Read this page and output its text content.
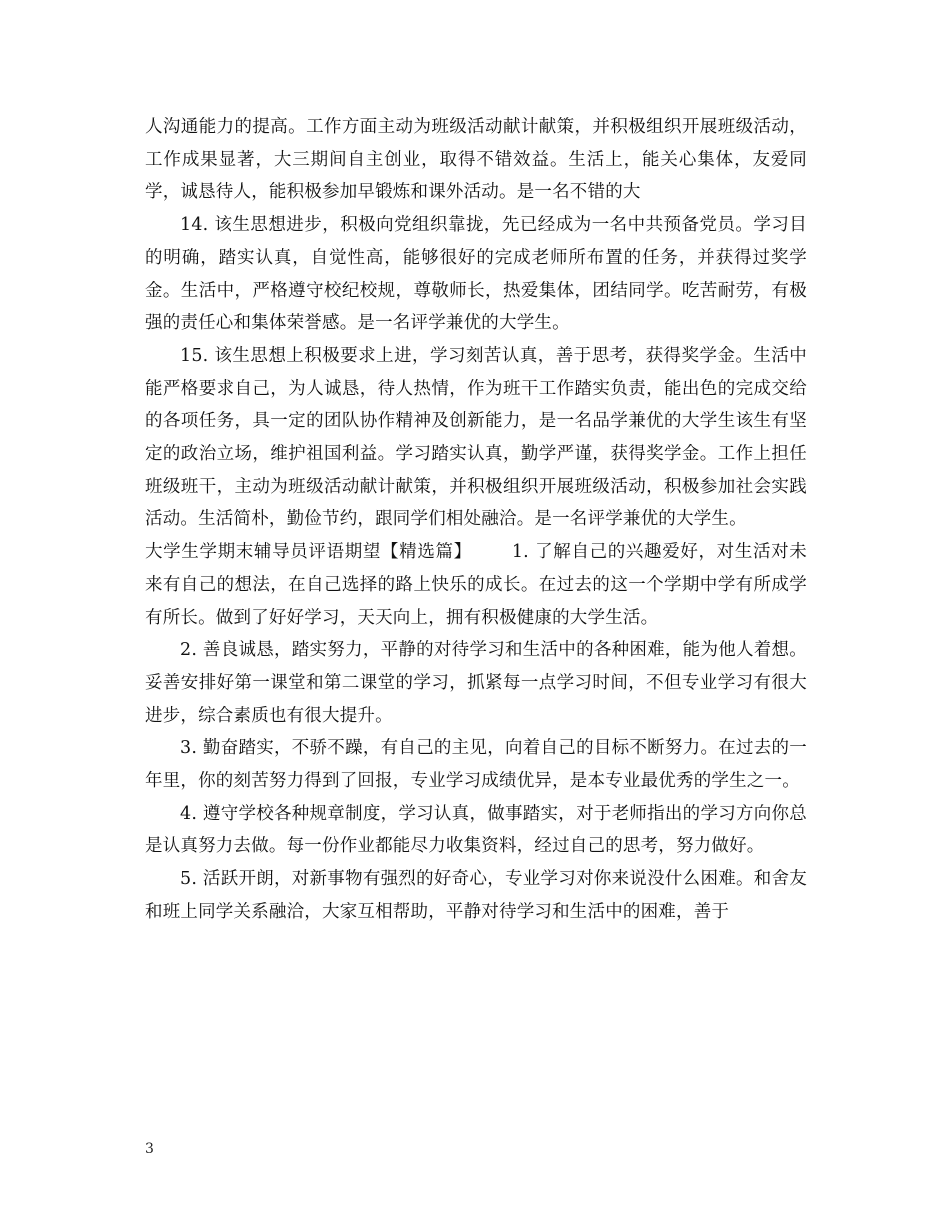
人沟通能力的提高。工作方面主动为班级活动献计献策，并积极组织开展班级活动，工作成果显著，大三期间自主创业，取得不错效益。生活上，能关心集体，友爱同学，诚恳待人，能积极参加早锻炼和课外活动。是一名不错的大

14. 该生思想进步，积极向党组织靠拢，先已经成为一名中共预备党员。学习目的明确，踏实认真，自觉性高，能够很好的完成老师所布置的任务，并获得过奖学金。生活中，严格遵守校纪校规，尊敬师长，热爱集体，团结同学。吃苦耐劳，有极强的责任心和集体荣誉感。是一名评学兼优的大学生。

15. 该生思想上积极要求上进，学习刻苦认真，善于思考，获得奖学金。生活中能严格要求自己，为人诚恳，待人热情，作为班干工作踏实负责，能出色的完成交给的各项任务，具一定的团队协作精神及创新能力，是一名品学兼优的大学生该生有坚定的政治立场，维护祖国利益。学习踏实认真，勤学严谨，获得奖学金。工作上担任班级班干，主动为班级活动献计献策，并积极组织开展班级活动，积极参加社会实践活动。生活简朴，勤俭节约，跟同学们相处融洽。是一名评学兼优的大学生。

大学生学期末辅导员评语期望【精选篇】 1. 了解自己的兴趣爱好，对生活对未来有自己的想法，在自己选择的路上快乐的成长。在过去的这一个学期中学有所成学有所长。做到了好好学习，天天向上，拥有积极健康的大学生活。

2. 善良诚恳，踏实努力，平静的对待学习和生活中的各种困难，能为他人着想。妥善安排好第一课堂和第二课堂的学习，抓紧每一点学习时间，不但专业学习有很大进步，综合素质也有很大提升。

3. 勤奋踏实，不骄不躁，有自己的主见，向着自己的目标不断努力。在过去的一年里，你的刻苦努力得到了回报，专业学习成绩优异，是本专业最优秀的学生之一。

4. 遵守学校各种规章制度，学习认真，做事踏实，对于老师指出的学习方向你总是认真努力去做。每一份作业都能尽力收集资料，经过自己的思考，努力做好。

5. 活跃开朗，对新事物有强烈的好奇心，专业学习对你来说没什么困难。和舍友和班上同学关系融洽，大家互相帮助，平静对待学习和生活中的困难，善于

3
